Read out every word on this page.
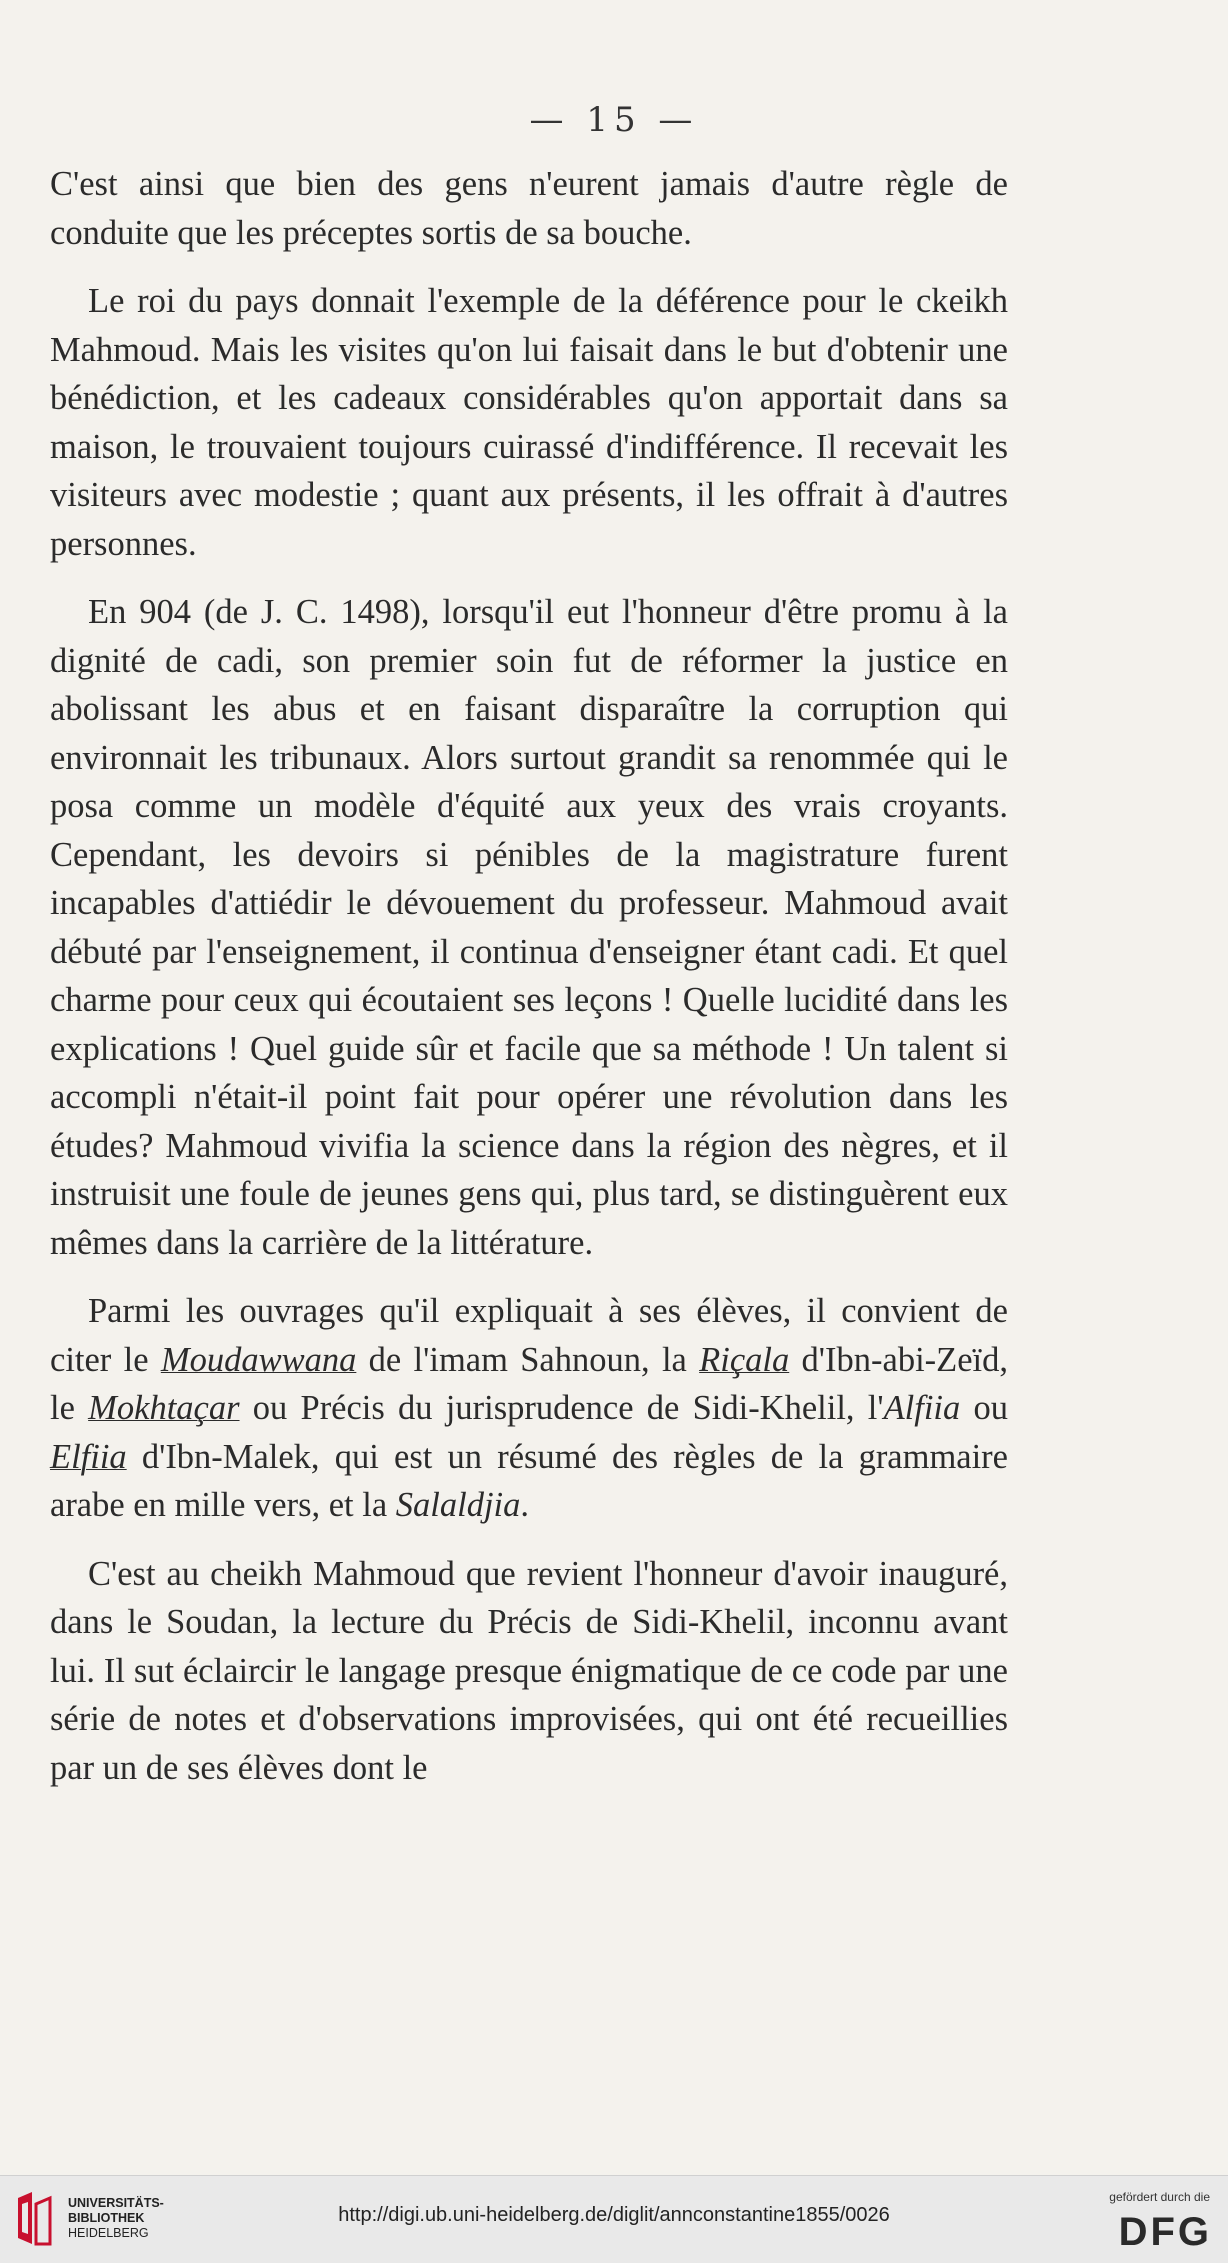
— 15 —

C'est ainsi que bien des gens n'eurent jamais d'autre règle de conduite que les préceptes sortis de sa bouche.

Le roi du pays donnait l'exemple de la déférence pour le ckeikh Mahmoud. Mais les visites qu'on lui faisait dans le but d'obtenir une bénédiction, et les cadeaux considérables qu'on apportait dans sa maison, le trouvaient toujours cuirassé d'indifférence. Il recevait les visiteurs avec modestie ; quant aux présents, il les offrait à d'autres personnes.

En 904 (de J. C. 1498), lorsqu'il eut l'honneur d'être promu à la dignité de cadi, son premier soin fut de réformer la justice en abolissant les abus et en faisant disparaître la corruption qui environnait les tribunaux. Alors surtout grandit sa renommée qui le posa comme un modèle d'équité aux yeux des vrais croyants. Cependant, les devoirs si pénibles de la magistrature furent incapables d'attiédir le dévouement du professeur. Mahmoud avait débuté par l'enseignement, il continua d'enseigner étant cadi. Et quel charme pour ceux qui écoutaient ses leçons ! Quelle lucidité dans les explications ! Quel guide sûr et facile que sa méthode ! Un talent si accompli n'était-il point fait pour opérer une révolution dans les études? Mahmoud vivifia la science dans la région des nègres, et il instruisit une foule de jeunes gens qui, plus tard, se distinguèrent eux mêmes dans la carrière de la littérature.

Parmi les ouvrages qu'il expliquait à ses élèves, il convient de citer le Moudawwana de l'imam Sahnoun, la Riçala d'Ibn-abi-Zeïd, le Mokhtaçar ou Précis du jurisprudence de Sidi-Khelil, l'Alfiia ou Elfiia d'Ibn-Malek, qui est un résumé des règles de la grammaire arabe en mille vers, et la Salaldjia.

C'est au cheikh Mahmoud que revient l'honneur d'avoir inauguré, dans le Soudan, la lecture du Précis de Sidi-Khelil, inconnu avant lui. Il sut éclaircir le langage presque énigmatique de ce code par une série de notes et d'observations improvisées, qui ont été recueillies par un de ses élèves dont le

UNIVERSITÄTS-
BIBLIOTHEK
HEIDELBERG
http://digi.ub.uni-heidelberg.de/diglit/annconstantine1855/0026
gefördert durch die
DFG
